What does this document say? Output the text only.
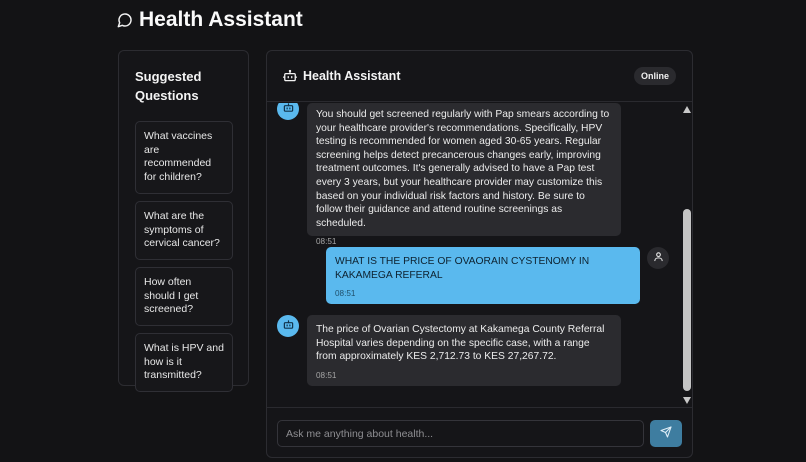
Health Assistant
Suggested
Questions
What vaccines are recommended for children?
What are the symptoms of cervical cancer?
How often should I get screened?
What is HPV and how is it transmitted?
Health Assistant	Online
You should get screened regularly with Pap smears according to your healthcare provider's recommendations. Specifically, HPV testing is recommended for women aged 30-65 years. Regular screening helps detect precancerous changes early, improving treatment outcomes. It's generally advised to have a Pap test every 3 years, but your healthcare provider may customize this based on your individual risk factors and history. Be sure to follow their guidance and attend routine screenings as scheduled.
08:51
WHAT IS THE PRICE OF OVAORAIN CYSTENOMY IN KAKAMEGA REFERAL
08:51
The price of Ovarian Cystectomy at Kakamega County Referral Hospital varies depending on the specific case, with a range from approximately KES 2,712.73 to KES 27,267.72.
08:51
Ask me anything about health...
